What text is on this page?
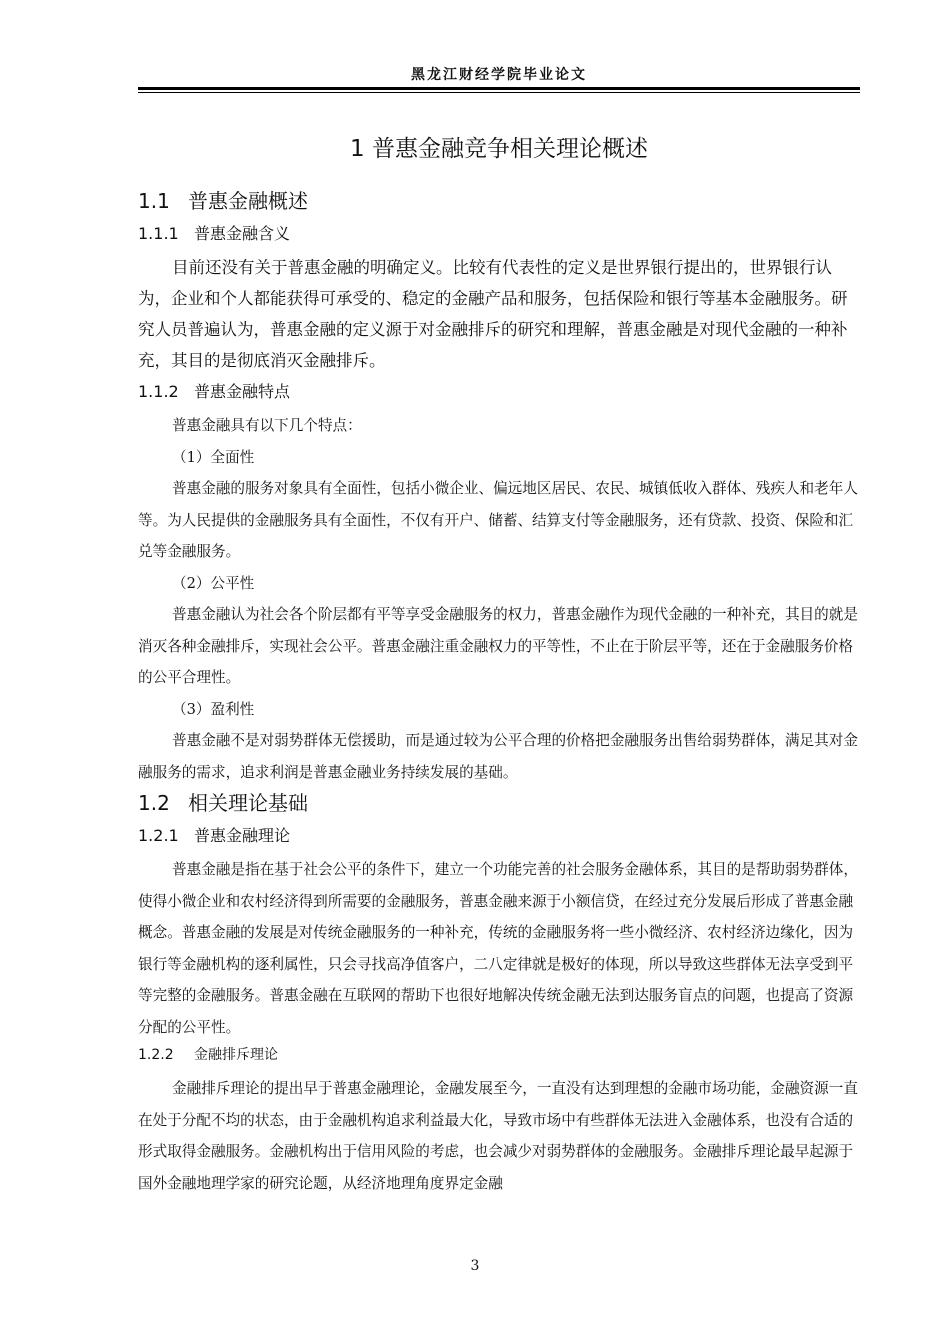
黑龙江财经学院毕业论文
1 普惠金融竞争相关理论概述
1.1 普惠金融概述
1.1.1 普惠金融含义

目前还没有关于普惠金融的明确定义。比较有代表性的定义是世界银行提出的，世界银行认为，企业和个人都能获得可承受的、稳定的金融产品和服务，包括保险和银行等基本金融服务。研究人员普遍认为，普惠金融的定义源于对金融排斥的研究和理解，普惠金融是对现代金融的一种补充，其目的是彻底消灭金融排斥。

1.1.2 普惠金融特点

普惠金融具有以下几个特点：

（1）全面性

普惠金融的服务对象具有全面性，包括小微企业、偏远地区居民、农民、城镇低收入群体、残疾人和老年人等。为人民提供的金融服务具有全面性，不仅有开户、储蓄、结算支付等金融服务，还有贷款、投资、保险和汇兑等金融服务。

（2）公平性

普惠金融认为社会各个阶层都有平等享受金融服务的权力，普惠金融作为现代金融的一种补充，其目的就是消灭各种金融排斥，实现社会公平。普惠金融注重金融权力的平等性，不止在于阶层平等，还在于金融服务价格的公平合理性。

（3）盈利性

普惠金融不是对弱势群体无偿援助，而是通过较为公平合理的价格把金融服务出售给弱势群体，满足其对金融服务的需求，追求利润是普惠金融业务持续发展的基础。

1.2 相关理论基础
1.2.1 普惠金融理论

普惠金融是指在基于社会公平的条件下，建立一个功能完善的社会服务金融体系，其目的是帮助弱势群体，使得小微企业和农村经济得到所需要的金融服务，普惠金融来源于小额信贷，在经过充分发展后形成了普惠金融概念。普惠金融的发展是对传统金融服务的一种补充，传统的金融服务将一些小微经济、农村经济边缘化，因为银行等金融机构的逐利属性，只会寻找高净值客户，二八定律就是极好的体现，所以导致这些群体无法享受到平等完整的金融服务。普惠金融在互联网的帮助下也很好地解决传统金融无法到达服务盲点的问题，也提高了资源分配的公平性。

1.2.2 金融排斥理论

金融排斥理论的提出早于普惠金融理论，金融发展至今，一直没有达到理想的金融市场功能，金融资源一直在处于分配不均的状态，由于金融机构追求利益最大化，导致市场中有些群体无法进入金融体系，也没有合适的形式取得金融服务。金融机构出于信用风险的考虑，也会减少对弱势群体的金融服务。金融排斥理论最早起源于国外金融地理学家的研究论题，从经济地理角度界定金融

3
